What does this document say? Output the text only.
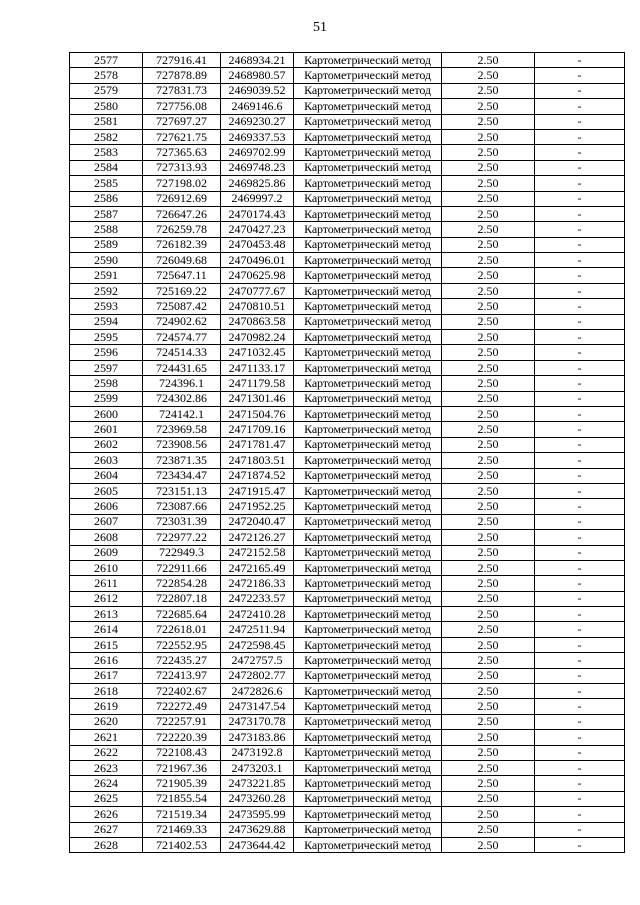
51
2577	727916.41	2468934.21	Картометрический метод	2.50	-
2578	727878.89	2468980.57	Картометрический метод	2.50	-
2579	727831.73	2469039.52	Картометрический метод	2.50	-
2580	727756.08	2469146.6	Картометрический метод	2.50	-
2581	727697.27	2469230.27	Картометрический метод	2.50	-
2582	727621.75	2469337.53	Картометрический метод	2.50	-
2583	727365.63	2469702.99	Картометрический метод	2.50	-
2584	727313.93	2469748.23	Картометрический метод	2.50	-
2585	727198.02	2469825.86	Картометрический метод	2.50	-
2586	726912.69	2469997.2	Картометрический метод	2.50	-
2587	726647.26	2470174.43	Картометрический метод	2.50	-
2588	726259.78	2470427.23	Картометрический метод	2.50	-
2589	726182.39	2470453.48	Картометрический метод	2.50	-
2590	726049.68	2470496.01	Картометрический метод	2.50	-
2591	725647.11	2470625.98	Картометрический метод	2.50	-
2592	725169.22	2470777.67	Картометрический метод	2.50	-
2593	725087.42	2470810.51	Картометрический метод	2.50	-
2594	724902.62	2470863.58	Картометрический метод	2.50	-
2595	724574.77	2470982.24	Картометрический метод	2.50	-
2596	724514.33	2471032.45	Картометрический метод	2.50	-
2597	724431.65	2471133.17	Картометрический метод	2.50	-
2598	724396.1	2471179.58	Картометрический метод	2.50	-
2599	724302.86	2471301.46	Картометрический метод	2.50	-
2600	724142.1	2471504.76	Картометрический метод	2.50	-
2601	723969.58	2471709.16	Картометрический метод	2.50	-
2602	723908.56	2471781.47	Картометрический метод	2.50	-
2603	723871.35	2471803.51	Картометрический метод	2.50	-
2604	723434.47	2471874.52	Картометрический метод	2.50	-
2605	723151.13	2471915.47	Картометрический метод	2.50	-
2606	723087.66	2471952.25	Картометрический метод	2.50	-
2607	723031.39	2472040.47	Картометрический метод	2.50	-
2608	722977.22	2472126.27	Картометрический метод	2.50	-
2609	722949.3	2472152.58	Картометрический метод	2.50	-
2610	722911.66	2472165.49	Картометрический метод	2.50	-
2611	722854.28	2472186.33	Картометрический метод	2.50	-
2612	722807.18	2472233.57	Картометрический метод	2.50	-
2613	722685.64	2472410.28	Картометрический метод	2.50	-
2614	722618.01	2472511.94	Картометрический метод	2.50	-
2615	722552.95	2472598.45	Картометрический метод	2.50	-
2616	722435.27	2472757.5	Картометрический метод	2.50	-
2617	722413.97	2472802.77	Картометрический метод	2.50	-
2618	722402.67	2472826.6	Картометрический метод	2.50	-
2619	722272.49	2473147.54	Картометрический метод	2.50	-
2620	722257.91	2473170.78	Картометрический метод	2.50	-
2621	722220.39	2473183.86	Картометрический метод	2.50	-
2622	722108.43	2473192.8	Картометрический метод	2.50	-
2623	721967.36	2473203.1	Картометрический метод	2.50	-
2624	721905.39	2473221.85	Картометрический метод	2.50	-
2625	721855.54	2473260.28	Картометрический метод	2.50	-
2626	721519.34	2473595.99	Картометрический метод	2.50	-
2627	721469.33	2473629.88	Картометрический метод	2.50	-
2628	721402.53	2473644.42	Картометрический метод	2.50	-
